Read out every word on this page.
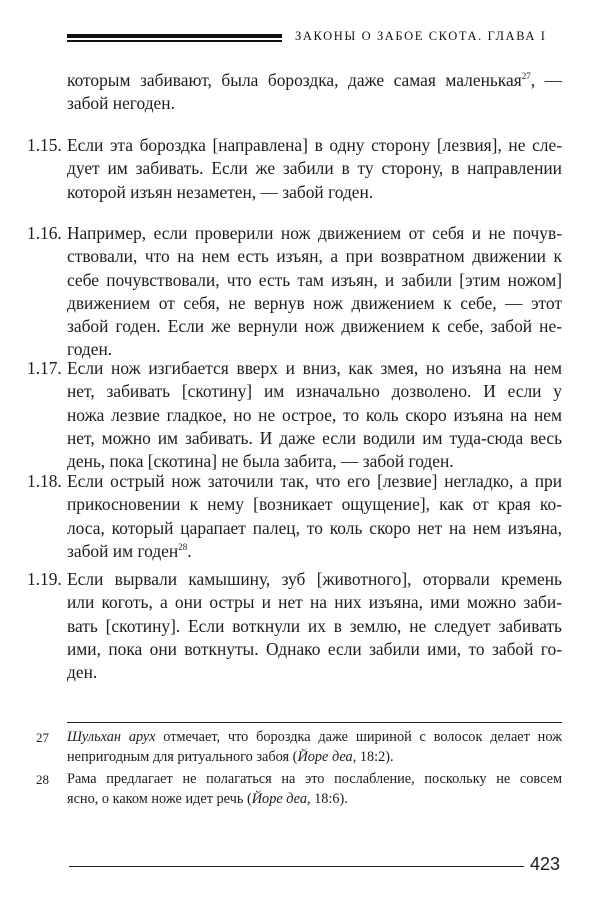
ЗАКОНЫ О ЗАБОЕ СКОТА. ГЛАВА I
которым забивают, была бороздка, даже самая маленькая$^{27}$, —
забой негоден.
1.15. Если эта бороздка [направлена] в одну сторону [лезвия], не сле-
дует им забивать. Если же забили в ту сторону, в направлении
которой изъян незаметен, — забой годен.
1.16. Например, если проверили нож движением от себя и не почув-
ствовали, что на нем есть изъян, а при возвратном движении к
себе почувствовали, что есть там изъян, и забили [этим ножом]
движением от себя, не вернув нож движением к себе, — этот
забой годен. Если же вернули нож движением к себе, забой не-
годен.
1.17. Если нож изгибается вверх и вниз, как змея, но изъяна на нем
нет, забивать [скотину] им изначально дозволено. И если у
ножа лезвие гладкое, но не острое, то коль скоро изъяна на нем
нет, можно им забивать. И даже если водили им туда-сюда весь
день, пока [скотина] не была забита, — забой годен.
1.18. Если острый нож заточили так, что его [лезвие] негладко, а при
прикосновении к нему [возникает ощущение], как от края ко-
лоса, который царапает палец, то коль скоро нет на нем изъяна,
забой им годен$^{28}$.
1.19. Если вырвали камышину, зуб [животного], оторвали кремень
или коготь, а они остры и нет на них изъяна, ими можно заби-
вать [скотину]. Если воткнули их в землю, не следует забивать
ими, пока они воткнуты. Однако если забили ими, то забой го-
ден.
27 Шульхан арух отмечает, что бороздка даже шириной с волосок делает нож
непригодным для ритуального забоя (Йоре деа, 18:2).
28 Рама предлагает не полагаться на это послабление, поскольку не совсем
ясно, о каком ноже идет речь (Йоре деа, 18:6).
423
